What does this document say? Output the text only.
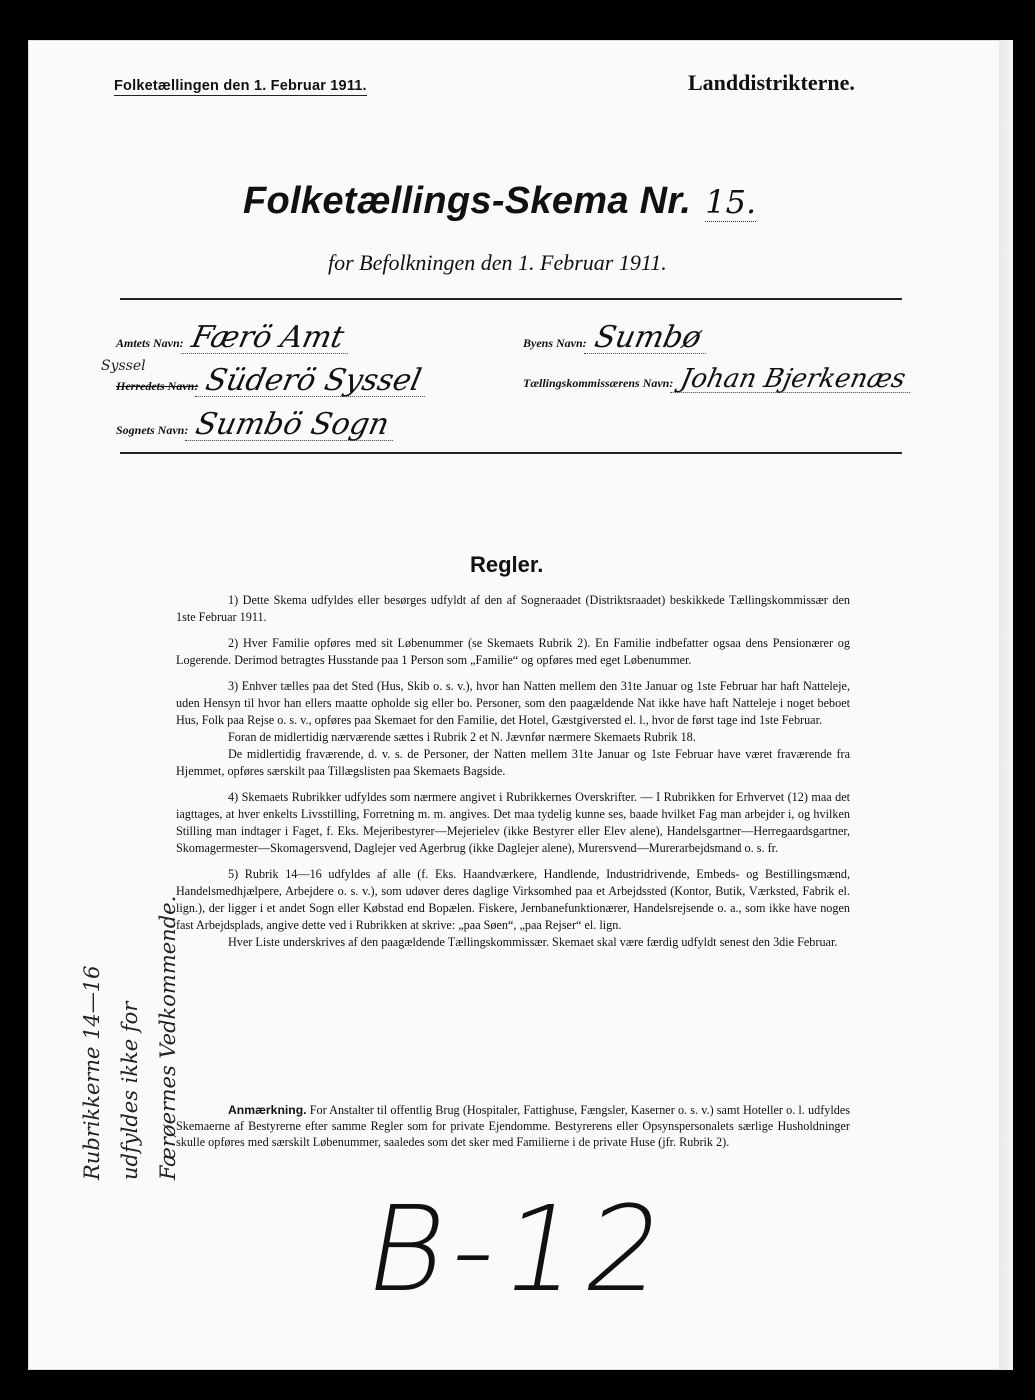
Folketællingen den 1. Februar 1911.	Landdistrikterne.
Folketællings-Skema Nr. 15.
for Befolkningen den 1. Februar 1911.
Amtets Navn: Færö Amt	Byens Navn: Sumbø
Syssel
Herredets Navn: Süderö Syssel	Tællingskommissærens Navn: Johan Bjerkenæs
Sognets Navn: Sumbö Sogn
Regler.

1) Dette Skema udfyldes eller besørges udfyldt af den af Sogneraadet (Distriktsraadet) beskikkede Tællingskommissær den 1ste Februar 1911.

2) Hver Familie opføres med sit Løbenummer (se Skemaets Rubrik 2). En Familie indbefatter ogsaa dens Pensionærer og Logerende. Derimod betragtes Husstande paa 1 Person som „Familie“ og opføres med eget Løbenummer.

3) Enhver tælles paa det Sted (Hus, Skib o. s. v.), hvor han Natten mellem den 31te Januar og 1ste Februar har haft Natteleje, uden Hensyn til hvor han ellers maatte opholde sig eller bo. Personer, som den paagældende Nat ikke have haft Natteleje i noget beboet Hus, Folk paa Rejse o. s. v., opføres paa Skemaet for den Familie, det Hotel, Gæstgiversted el. l., hvor de først tage ind 1ste Februar.

Foran de midlertidig nærværende sættes i Rubrik 2 et N. Jævnfør nærmere Skemaets Rubrik 18.

De midlertidig fraværende, d. v. s. de Personer, der Natten mellem 31te Januar og 1ste Februar have været fraværende fra Hjemmet, opføres særskilt paa Tillægslisten paa Skemaets Bagside.

4) Skemaets Rubrikker udfyldes som nærmere angivet i Rubrikkernes Overskrifter. — I Rubrikken for Erhvervet (12) maa det iagttages, at hver enkelts Livsstilling, Forretning m. m. angives. Det maa tydelig kunne ses, baade hvilket Fag man arbejder i, og hvilken Stilling man indtager i Faget, f. Eks. Mejeribestyrer—Mejerielev (ikke Bestyrer eller Elev alene), Handelsgartner—Herregaardsgartner, Skomagermester—Skomagersvend, Daglejer ved Agerbrug (ikke Daglejer alene), Murersvend—Murerarbejdsmand o. s. fr.

5) Rubrik 14—16 udfyldes af alle (f. Eks. Haandværkere, Handlende, Industridrivende, Embeds- og Bestillingsmænd, Handelsmedhjælpere, Arbejdere o. s. v.), som udøver deres daglige Virksomhed paa et Arbejdssted (Kontor, Butik, Værksted, Fabrik el. lign.), der ligger i et andet Sogn eller Købstad end Bopælen. Fiskere, Jernbanefunktionærer, Handelsrejsende o. a., som ikke have nogen fast Arbejdsplads, angive dette ved i Rubrikken at skrive: „paa Søen“, „paa Rejser“ el. lign.

Hver Liste underskrives af den paagældende Tællingskommissær. Skemaet skal være færdig udfyldt senest den 3die Februar.

Anmærkning. For Anstalter til offentlig Brug (Hospitaler, Fattighuse, Fængsler, Kaserner o. s. v.) samt Hoteller o. l. udfyldes Skemaerne af Bestyrerne efter samme Regler som for private Ejendomme. Bestyrerens eller Opsynspersonalets særlige Husholdninger skulle opføres med særskilt Løbenummer, saaledes som det sker med Familierne i de private Huse (jfr. Rubrik 2).
Rubrikkerne 14—16 udfyldes ikke for Færøernes Vedkommende.
B-12
